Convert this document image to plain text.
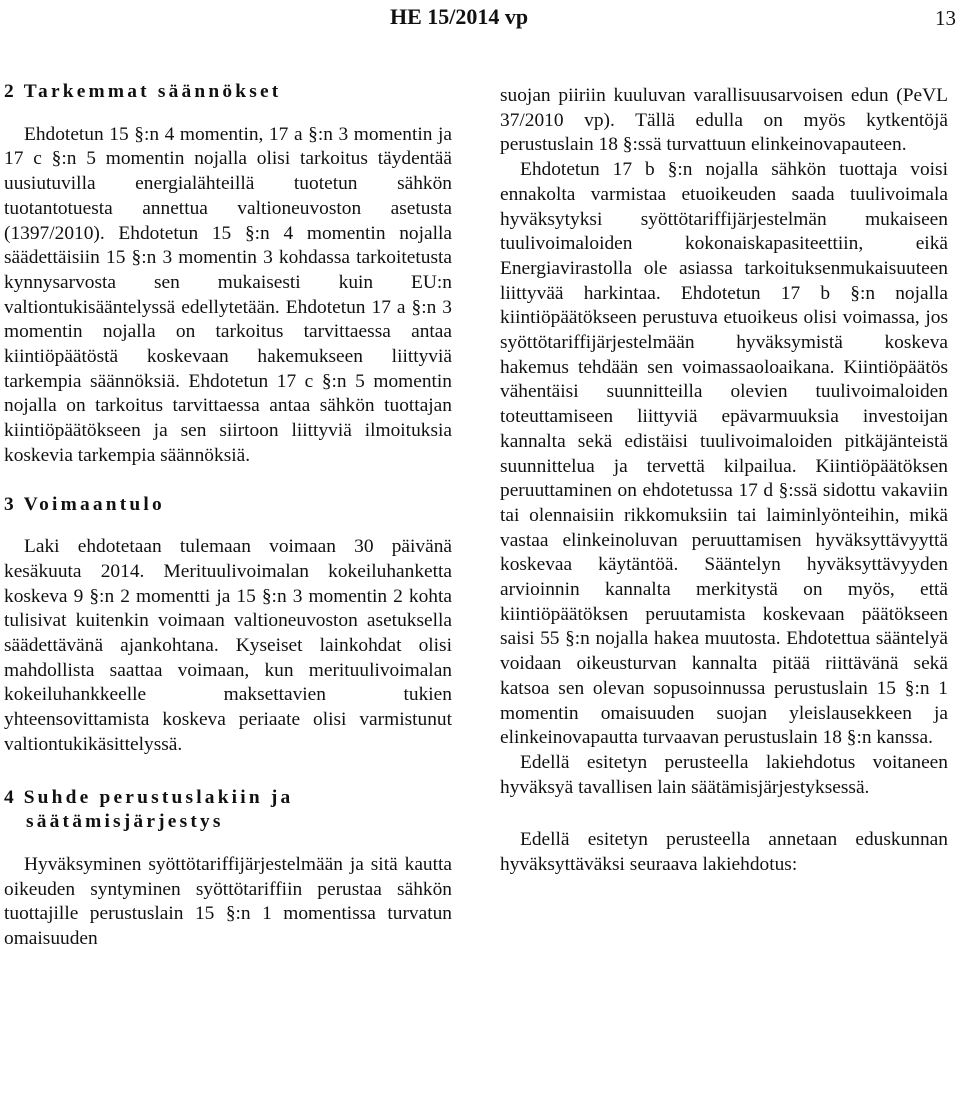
HE 15/2014 vp	13
2 Tarkemmat säännökset

Ehdotetun 15 §:n 4 momentin, 17 a §:n 3 momentin ja 17 c §:n 5 momentin nojalla olisi tarkoitus täydentää uusiutuvilla energialähteillä tuotetun sähkön tuotantotuesta annettua valtioneuvoston asetusta (1397/2010). Ehdotetun 15 §:n 4 momentin nojalla säädettäisiin 15 §:n 3 momentin 3 kohdassa tarkoitetusta kynnysarvosta sen mukaisesti kuin EU:n valtiontukisääntelyssä edellytetään. Ehdotetun 17 a §:n 3 momentin nojalla on tarkoitus tarvittaessa antaa kiintiöpäätöstä koskevaan hakemukseen liittyviä tarkempia säännöksiä. Ehdotetun 17 c §:n 5 momentin nojalla on tarkoitus tarvittaessa antaa sähkön tuottajan kiintiöpäätökseen ja sen siirtoon liittyviä ilmoituksia koskevia tarkempia säännöksiä.

3 Voimaantulo

Laki ehdotetaan tulemaan voimaan 30 päivänä kesäkuuta 2014. Merituulivoimalan kokeiluhanketta koskeva 9 §:n 2 momentti ja 15 §:n 3 momentin 2 kohta tulisivat kuitenkin voimaan valtioneuvoston asetuksella säädettävänä ajankohtana. Kyseiset lainkohdat olisi mahdollista saattaa voimaan, kun merituulivoimalan kokeiluhankkeelle maksettavien tukien yhteensovittamista koskeva periaate olisi varmistunut valtiontukikäsittelyssä.

4 Suhde perustuslakiin ja säätämisjärjestys

Hyväksyminen syöttötariffijärjestelmään ja sitä kautta oikeuden syntyminen syöttötariffiin perustaa sähkön tuottajille perustuslain 15 §:n 1 momentissa turvatun omaisuuden

suojan piiriin kuuluvan varallisuusarvoisen edun (PeVL 37/2010 vp). Tällä edulla on myös kytkentöjä perustuslain 18 §:ssä turvattuun elinkeinovapauteen.

Ehdotetun 17 b §:n nojalla sähkön tuottaja voisi ennakolta varmistaa etuoikeuden saada tuulivoimala hyväksytyksi syöttötariffijärjestelmän mukaiseen tuulivoimaloiden kokonaiskapasiteettiin, eikä Energiavirastolla ole asiassa tarkoituksenmukaisuuteen liittyvää harkintaa. Ehdotetun 17 b §:n nojalla kiintiöpäätökseen perustuva etuoikeus olisi voimassa, jos syöttötariffijärjestelmään hyväksymistä koskeva hakemus tehdään sen voimassaoloaikana. Kiintiöpäätös vähentäisi suunnitteilla olevien tuulivoimaloiden toteuttamiseen liittyviä epävarmuuksia investoijan kannalta sekä edistäisi tuulivoimaloiden pitkäjänteistä suunnittelua ja tervettä kilpailua. Kiintiöpäätöksen peruuttaminen on ehdotetussa 17 d §:ssä sidottu vakaviin tai olennaisiin rikkomuksiin tai laiminlyönteihin, mikä vastaa elinkeinoluvan peruuttamisen hyväksyttävyyttä koskevaa käytäntöä. Sääntelyn hyväksyttävyyden arvioinnin kannalta merkitystä on myös, että kiintiöpäätöksen peruutamista koskevaan päätökseen saisi 55 §:n nojalla hakea muutosta. Ehdotettua sääntelyä voidaan oikeusturvan kannalta pitää riittävänä sekä katsoa sen olevan sopusoinnussa perustuslain 15 §:n 1 momentin omaisuuden suojan yleislausekkeen ja elinkeinovapautta turvaavan perustuslain 18 §:n kanssa.

Edellä esitetyn perusteella lakiehdotus voitaneen hyväksyä tavallisen lain säätämisjärjestyksessä.

Edellä esitetyn perusteella annetaan eduskunnan hyväksyttäväksi seuraava lakiehdotus:
